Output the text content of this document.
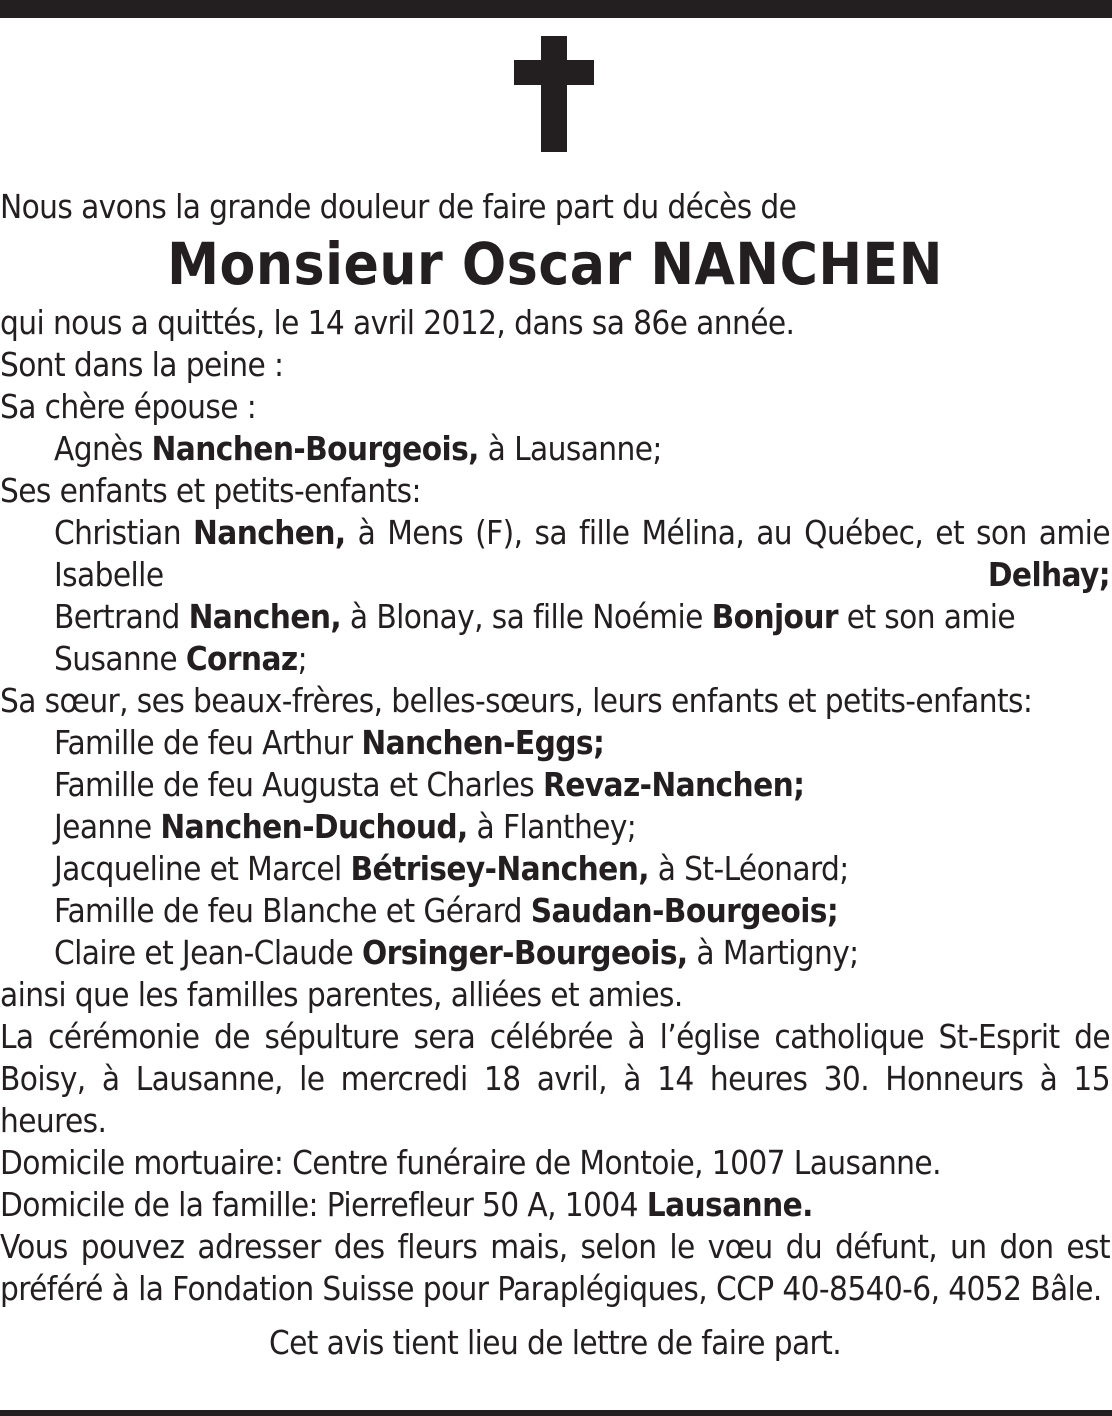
Nous avons la grande douleur de faire part du décès de
Monsieur Oscar NANCHEN
qui nous a quittés, le 14 avril 2012, dans sa 86e année.
Sont dans la peine :
Sa chère épouse :
Agnès Nanchen-Bourgeois, à Lausanne;
Ses enfants et petits-enfants:
Christian Nanchen, à Mens (F), sa fille Mélina, au Québec, et son amie Isabelle Delhay;
Bertrand Nanchen, à Blonay, sa fille Noémie Bonjour et son amie
Susanne Cornaz;
Sa sœur, ses beaux-frères, belles-sœurs, leurs enfants et petits-enfants:
Famille de feu Arthur Nanchen-Eggs;
Famille de feu Augusta et Charles Revaz-Nanchen;
Jeanne Nanchen-Duchoud, à Flanthey;
Jacqueline et Marcel Bétrisey-Nanchen, à St-Léonard;
Famille de feu Blanche et Gérard Saudan-Bourgeois;
Claire et Jean-Claude Orsinger-Bourgeois, à Martigny;
ainsi que les familles parentes, alliées et amies.
La cérémonie de sépulture sera célébrée à l’église catholique St-Esprit de Boisy, à Lausanne, le mercredi 18 avril, à 14 heures 30. Honneurs à 15 heures.
Domicile mortuaire: Centre funéraire de Montoie, 1007 Lausanne.
Domicile de la famille: Pierrefleur 50 A, 1004 Lausanne.
Vous pouvez adresser des fleurs mais, selon le vœu du défunt, un don est préféré à la Fondation Suisse pour Paraplégiques, CCP 40-8540-6, 4052 Bâle.
Cet avis tient lieu de lettre de faire part.
